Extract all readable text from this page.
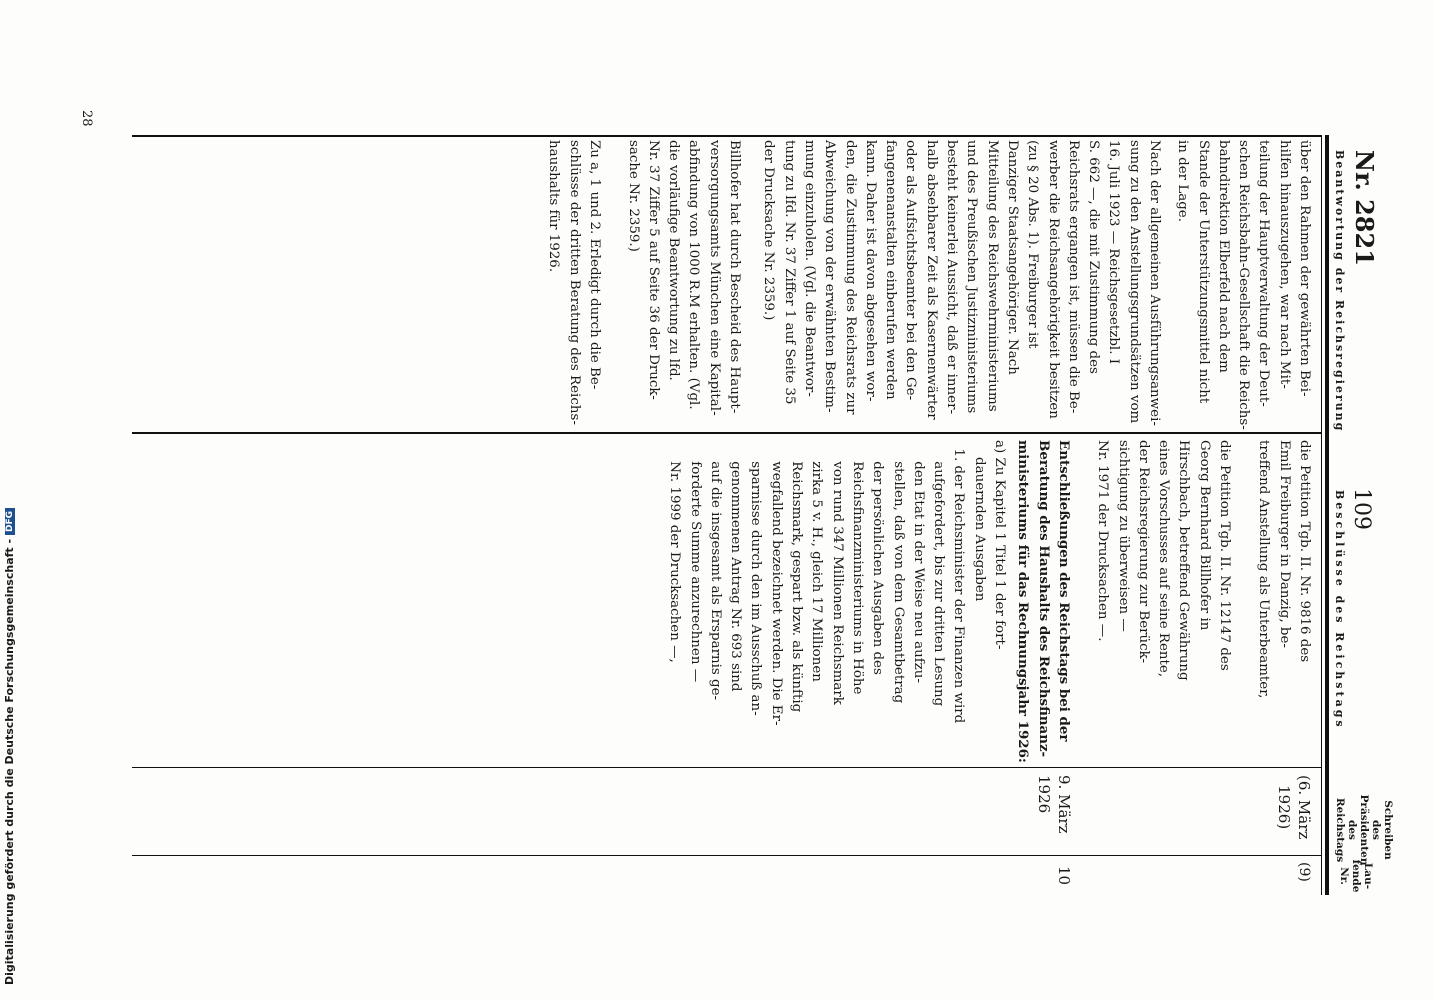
109
Nr. 2821
Lau-
fende
Nr.
Schreiben
des
Präsidenten
des
Reichstags
Beschlüsse des Reichstags
Beantwortung der Reichsregierung
(9)
(6. März
1926)
die Petition Tgb. II. Nr. 9816 des
Emil Freiburger in Danzig, be-
treffend Anstellung als Unterbeamter,
die Petition Tgb. II. Nr. 12147 des
Georg Bernhard Billhofer in
Hirschbach, betreffend Gewährung
eines Vorschusses auf seine Rente,
der Reichsregierung zur Berück-
sichtigung zu überweisen —
Nr. 1971 der Drucksachen —.
über den Rahmen der gewährten Bei-
hilfen hinauszugehen, war nach Mit-
teilung der Hauptverwaltung der Deut-
schen Reichsbahn-Gesellschaft die Reichs-
bahndirektion Elberfeld nach dem
Stande der Unterstützungsmittel nicht
in der Lage.
Nach der allgemeinen Ausführungsanwei-
sung zu den Anstellungsgrundsätzen vom
16. Juli 1923 — Reichsgesetzbl. I
S. 662 —, die mit Zustimmung des
Reichsrats ergangen ist, müssen die Be-
werber die Reichsangehörigkeit besitzen
(zu § 20 Abs. 1). Freiburger ist
Danziger Staatsangehöriger. Nach
Mitteilung des Reichswehrministeriums
und des Preußischen Justizministeriums
besteht keinerlei Aussicht, daß er inner-
halb absehbarer Zeit als Kasernenwärter
oder als Aufsichtsbeamter bei den Ge-
fangenenanstalten einberufen werden
kann. Daher ist davon abgesehen wor-
den, die Zustimmung des Reichsrats zur
Abweichung von der erwähnten Bestim-
mung einzuholen. (Vgl. die Beantwor-
tung zu lfd. Nr. 37 Ziffer 1 auf Seite 35
der Drucksache Nr. 2359.)
Billhofer hat durch Bescheid des Haupt-
versorgungsamts München eine Kapital-
abfindung von 1000 R.M erhalten. (Vgl.
die vorläufige Beantwortung zu lfd.
Nr. 37 Ziffer 5 auf Seite 36 der Druck-
sache Nr. 2359.)
10
9. März
1926
Entschließungen des Reichstags bei der
Beratung des Haushalts des Reichsfinanz-
ministeriums für das Rechnungsjahr 1926:
a) Zu Kapitel 1 Titel 1 der fort-
dauernden Ausgaben
1. der Reichsminister der Finanzen wird
aufgefordert, bis zur dritten Lesung
den Etat in der Weise neu aufzu-
stellen, daß von dem Gesamtbetrag
der persönlichen Ausgaben des
Reichsfinanzministeriums in Höhe
von rund 347 Millionen Reichsmark
zirka 5 v. H., gleich 17 Millionen
Reichsmark, gespart bzw. als künftig
wegfallend bezeichnet werden. Die Er-
sparnisse durch den im Ausschuß an-
genommenen Antrag Nr. 693 sind
auf die insgesamt als Ersparnis ge-
forderte Summe anzurechnen —
Nr. 1999 der Drucksachen —,
Zu a, 1 und 2. Erledigt durch die Be-
schlüsse der dritten Beratung des Reichs-
haushalts für 1926.
28
Digitalisierung gefördert durch die Deutsche Forschungsgemeinschaft -
DFG
